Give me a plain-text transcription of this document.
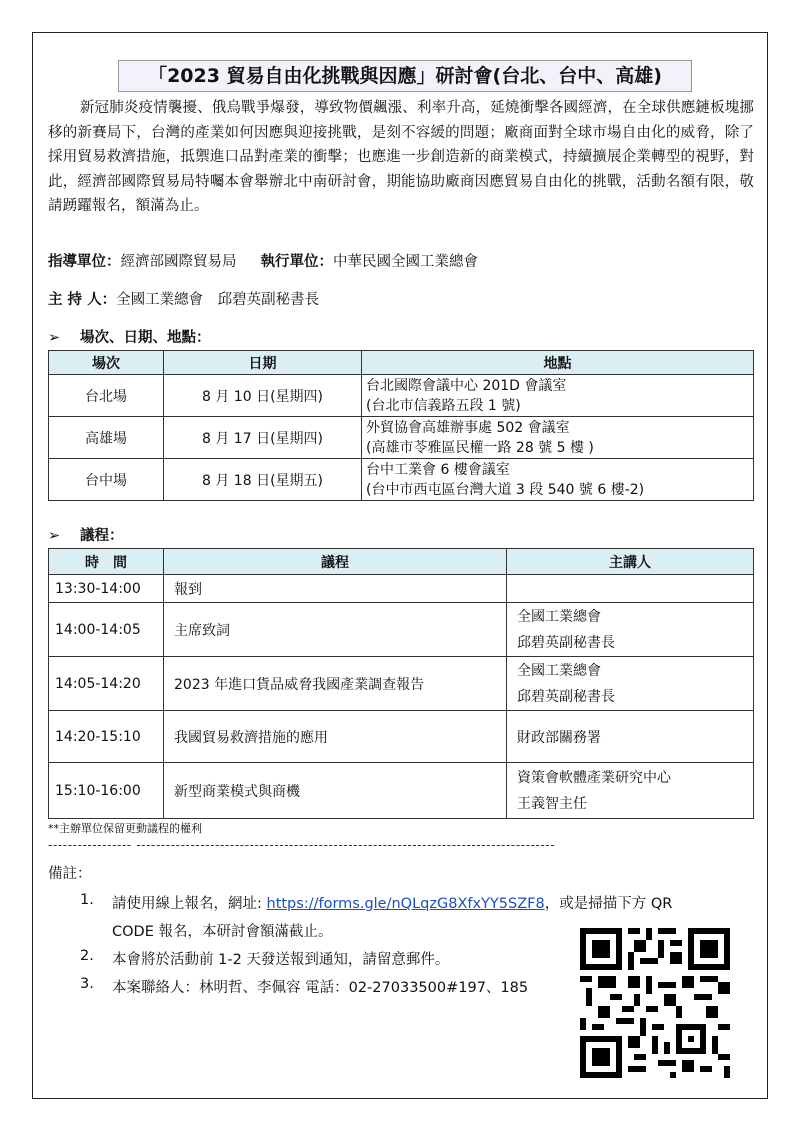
「2023 貿易自由化挑戰與因應」研討會(台北、台中、高雄)

新冠肺炎疫情襲擾、俄烏戰爭爆發，導致物價飆漲、利率升高，延燒衝擊各國經濟，在全球供應鏈板塊挪移的新賽局下，台灣的產業如何因應與迎接挑戰，是刻不容緩的問題；廠商面對全球市場自由化的威脅，除了採用貿易救濟措施，抵禦進口品對產業的衝擊；也應進一步創造新的商業模式，持續擴展企業轉型的視野，對此，經濟部國際貿易局特囑本會舉辦北中南研討會，期能協助廠商因應貿易自由化的挑戰，活動名額有限，敬請踴躍報名，額滿為止。

指導單位：經濟部國際貿易局 執行單位：中華民國全國工業總會
主 持 人：全國工業總會　邱碧英副秘書長
➢ 場次、日期、地點：
場次	日期	地點
台北場	8 月 10 日(星期四)	台北國際會議中心 201D 會議室
(台北市信義路五段 1 號)

高雄場	8 月 17 日(星期四)	外貿協會高雄辦事處 502 會議室
(高雄市苓雅區民權一路 28 號 5 樓 )

台中場	8 月 18 日(星期五)	台中工業會 6 樓會議室
(台中市西屯區台灣大道 3 段 540 號 6 樓-2)
➢ 議程：
時　間	議程	主講人
13:30-14:00	報到	
14:00-14:05	主席致詞	全國工業總會
邱碧英副秘書長

14:05-14:20	2023 年進口貨品威脅我國產業調查報告	全國工業總會
邱碧英副秘書長

14:20-15:10	我國貿易救濟措施的應用	財政部關務署
15:10-16:00	新型商業模式與商機	資策會軟體產業研究中心
王義智主任
**主辦單位保留更動議程的權利
----------------- -------------------------------------------------------------------------------------
備註：
1. 請使用線上報名，網址: https://forms.gle/nQLqzG8XfxYY5SZF8，或是掃描下方 QR
CODE 報名，本研討會額滿截止。
2. 本會將於活動前 1-2 天發送報到通知，請留意郵件。
3. 本案聯絡人：林明哲、李佩容 電話：02-27033500#197、185
